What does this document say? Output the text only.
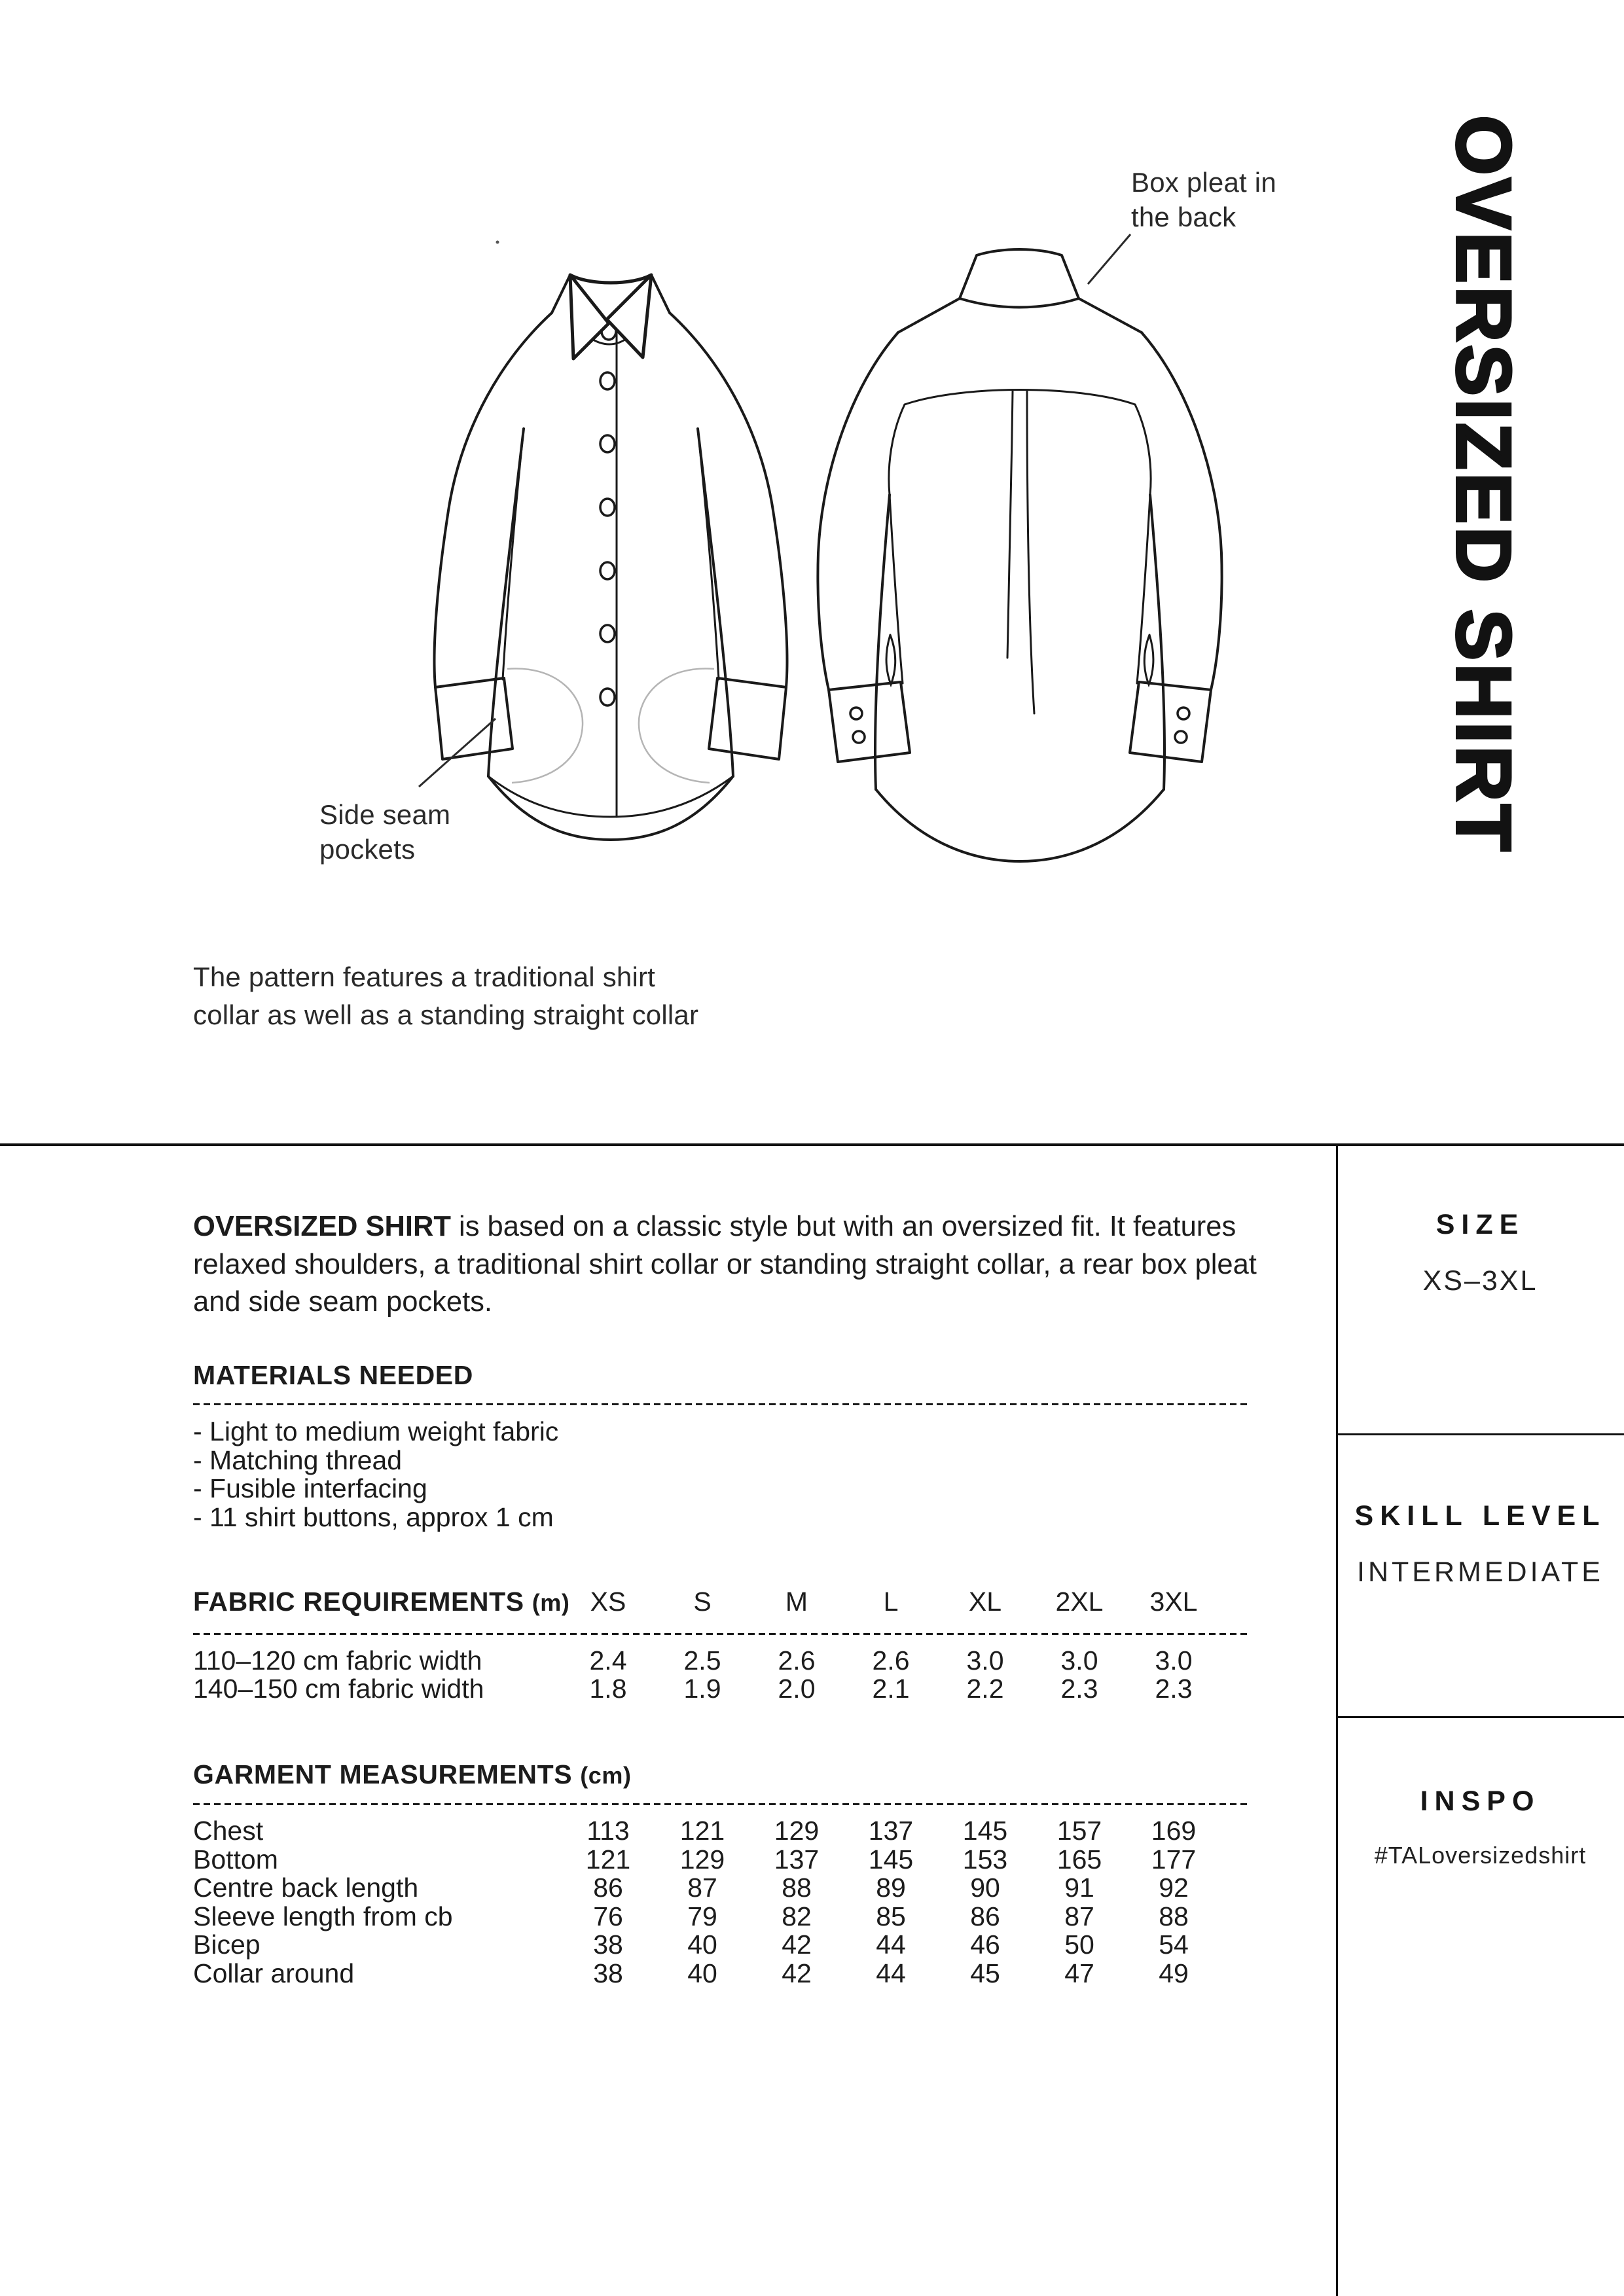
Box pleat in
the back
Side seam
pockets
The pattern features a traditional shirt
collar as well as a standing straight collar
OVERSIZED SHIRT
OVERSIZED SHIRT is based on a classic style but with an oversized fit. It features
relaxed shoulders, a traditional shirt collar or standing straight collar, a rear box pleat
and side seam pockets.
MATERIALS NEEDED
- Light to medium weight fabric
- Matching thread
- Fusible interfacing
- 11 shirt buttons, approx 1 cm
FABRIC REQUIREMENTS (m) XS	S	M	L	XL	2XL	3XL
110–120 cm fabric width	2.4	2.5	2.6	2.6	3.0	3.0	3.0
140–150 cm fabric width	1.8	1.9	2.0	2.1	2.2	2.3	2.3
GARMENT MEASUREMENTS (cm)
Chest	113	121	129	137	145	157	169
Bottom	121	129	137	145	153	165	177
Centre back length	86	87	88	89	90	91	92
Sleeve length from cb	76	79	82	85	86	87	88
Bicep	38	40	42	44	46	50	54
Collar around	38	40	42	44	45	47	49
SIZE
XS–3XL
SKILL LEVEL
INTERMEDIATE
INSPO
#TALoversizedshirt
